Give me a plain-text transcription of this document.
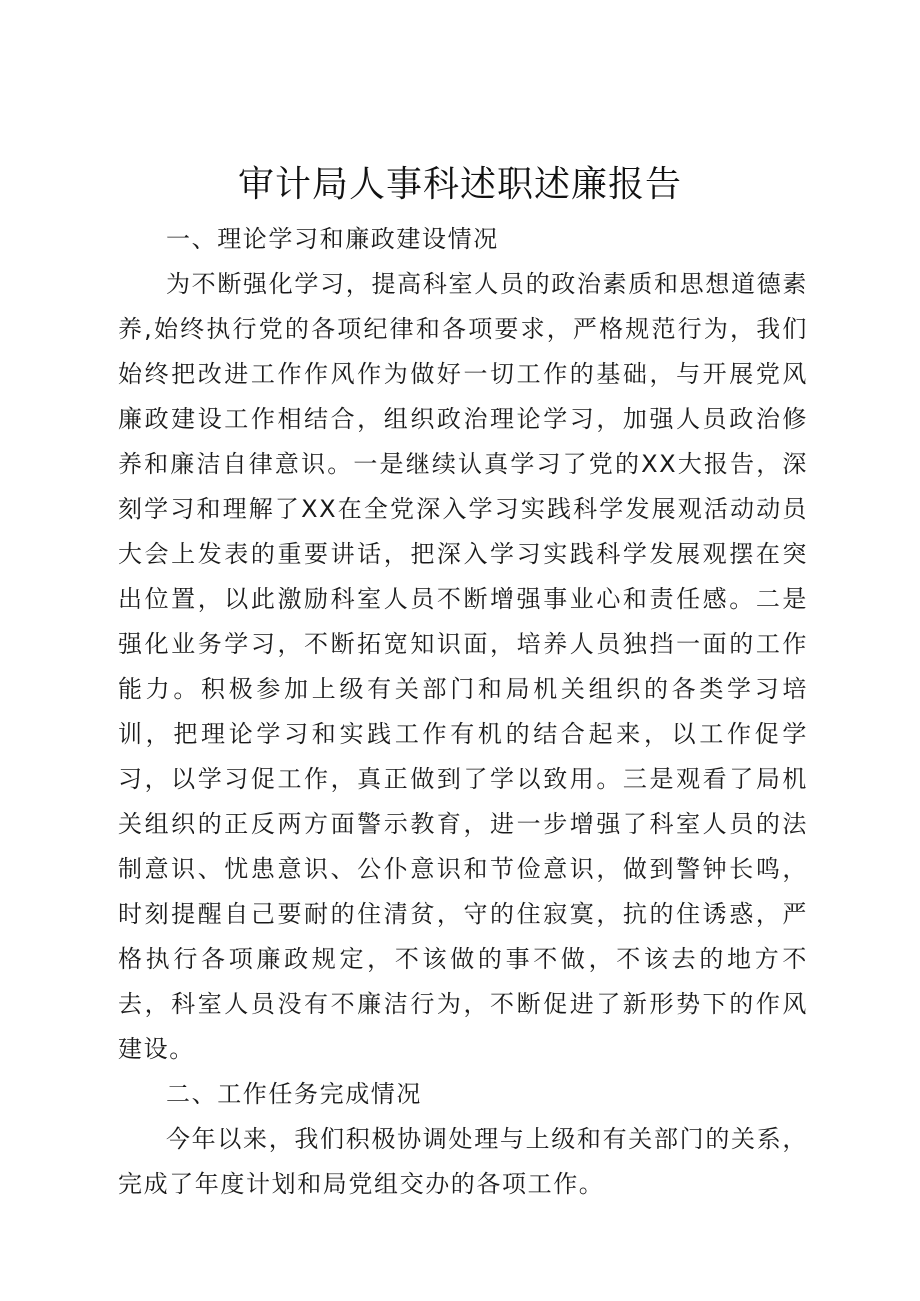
审计局人事科述职述廉报告

一、理论学习和廉政建设情况

为不断强化学习，提高科室人员的政治素质和思想道德素养,始终执行党的各项纪律和各项要求，严格规范行为，我们始终把改进工作作风作为做好一切工作的基础，与开展党风廉政建设工作相结合，组织政治理论学习，加强人员政治修养和廉洁自律意识。一是继续认真学习了党的XX大报告，深刻学习和理解了XX在全党深入学习实践科学发展观活动动员大会上发表的重要讲话，把深入学习实践科学发展观摆在突出位置，以此激励科室人员不断增强事业心和责任感。二是强化业务学习，不断拓宽知识面，培养人员独挡一面的工作能力。积极参加上级有关部门和局机关组织的各类学习培训，把理论学习和实践工作有机的结合起来，以工作促学习，以学习促工作，真正做到了学以致用。三是观看了局机关组织的正反两方面警示教育，进一步增强了科室人员的法制意识、忧患意识、公仆意识和节俭意识，做到警钟长鸣，时刻提醒自己要耐的住清贫，守的住寂寞，抗的住诱惑，严格执行各项廉政规定，不该做的事不做，不该去的地方不去，科室人员没有不廉洁行为，不断促进了新形势下的作风建设。

二、工作任务完成情况

今年以来，我们积极协调处理与上级和有关部门的关系，完成了年度计划和局党组交办的各项工作。
